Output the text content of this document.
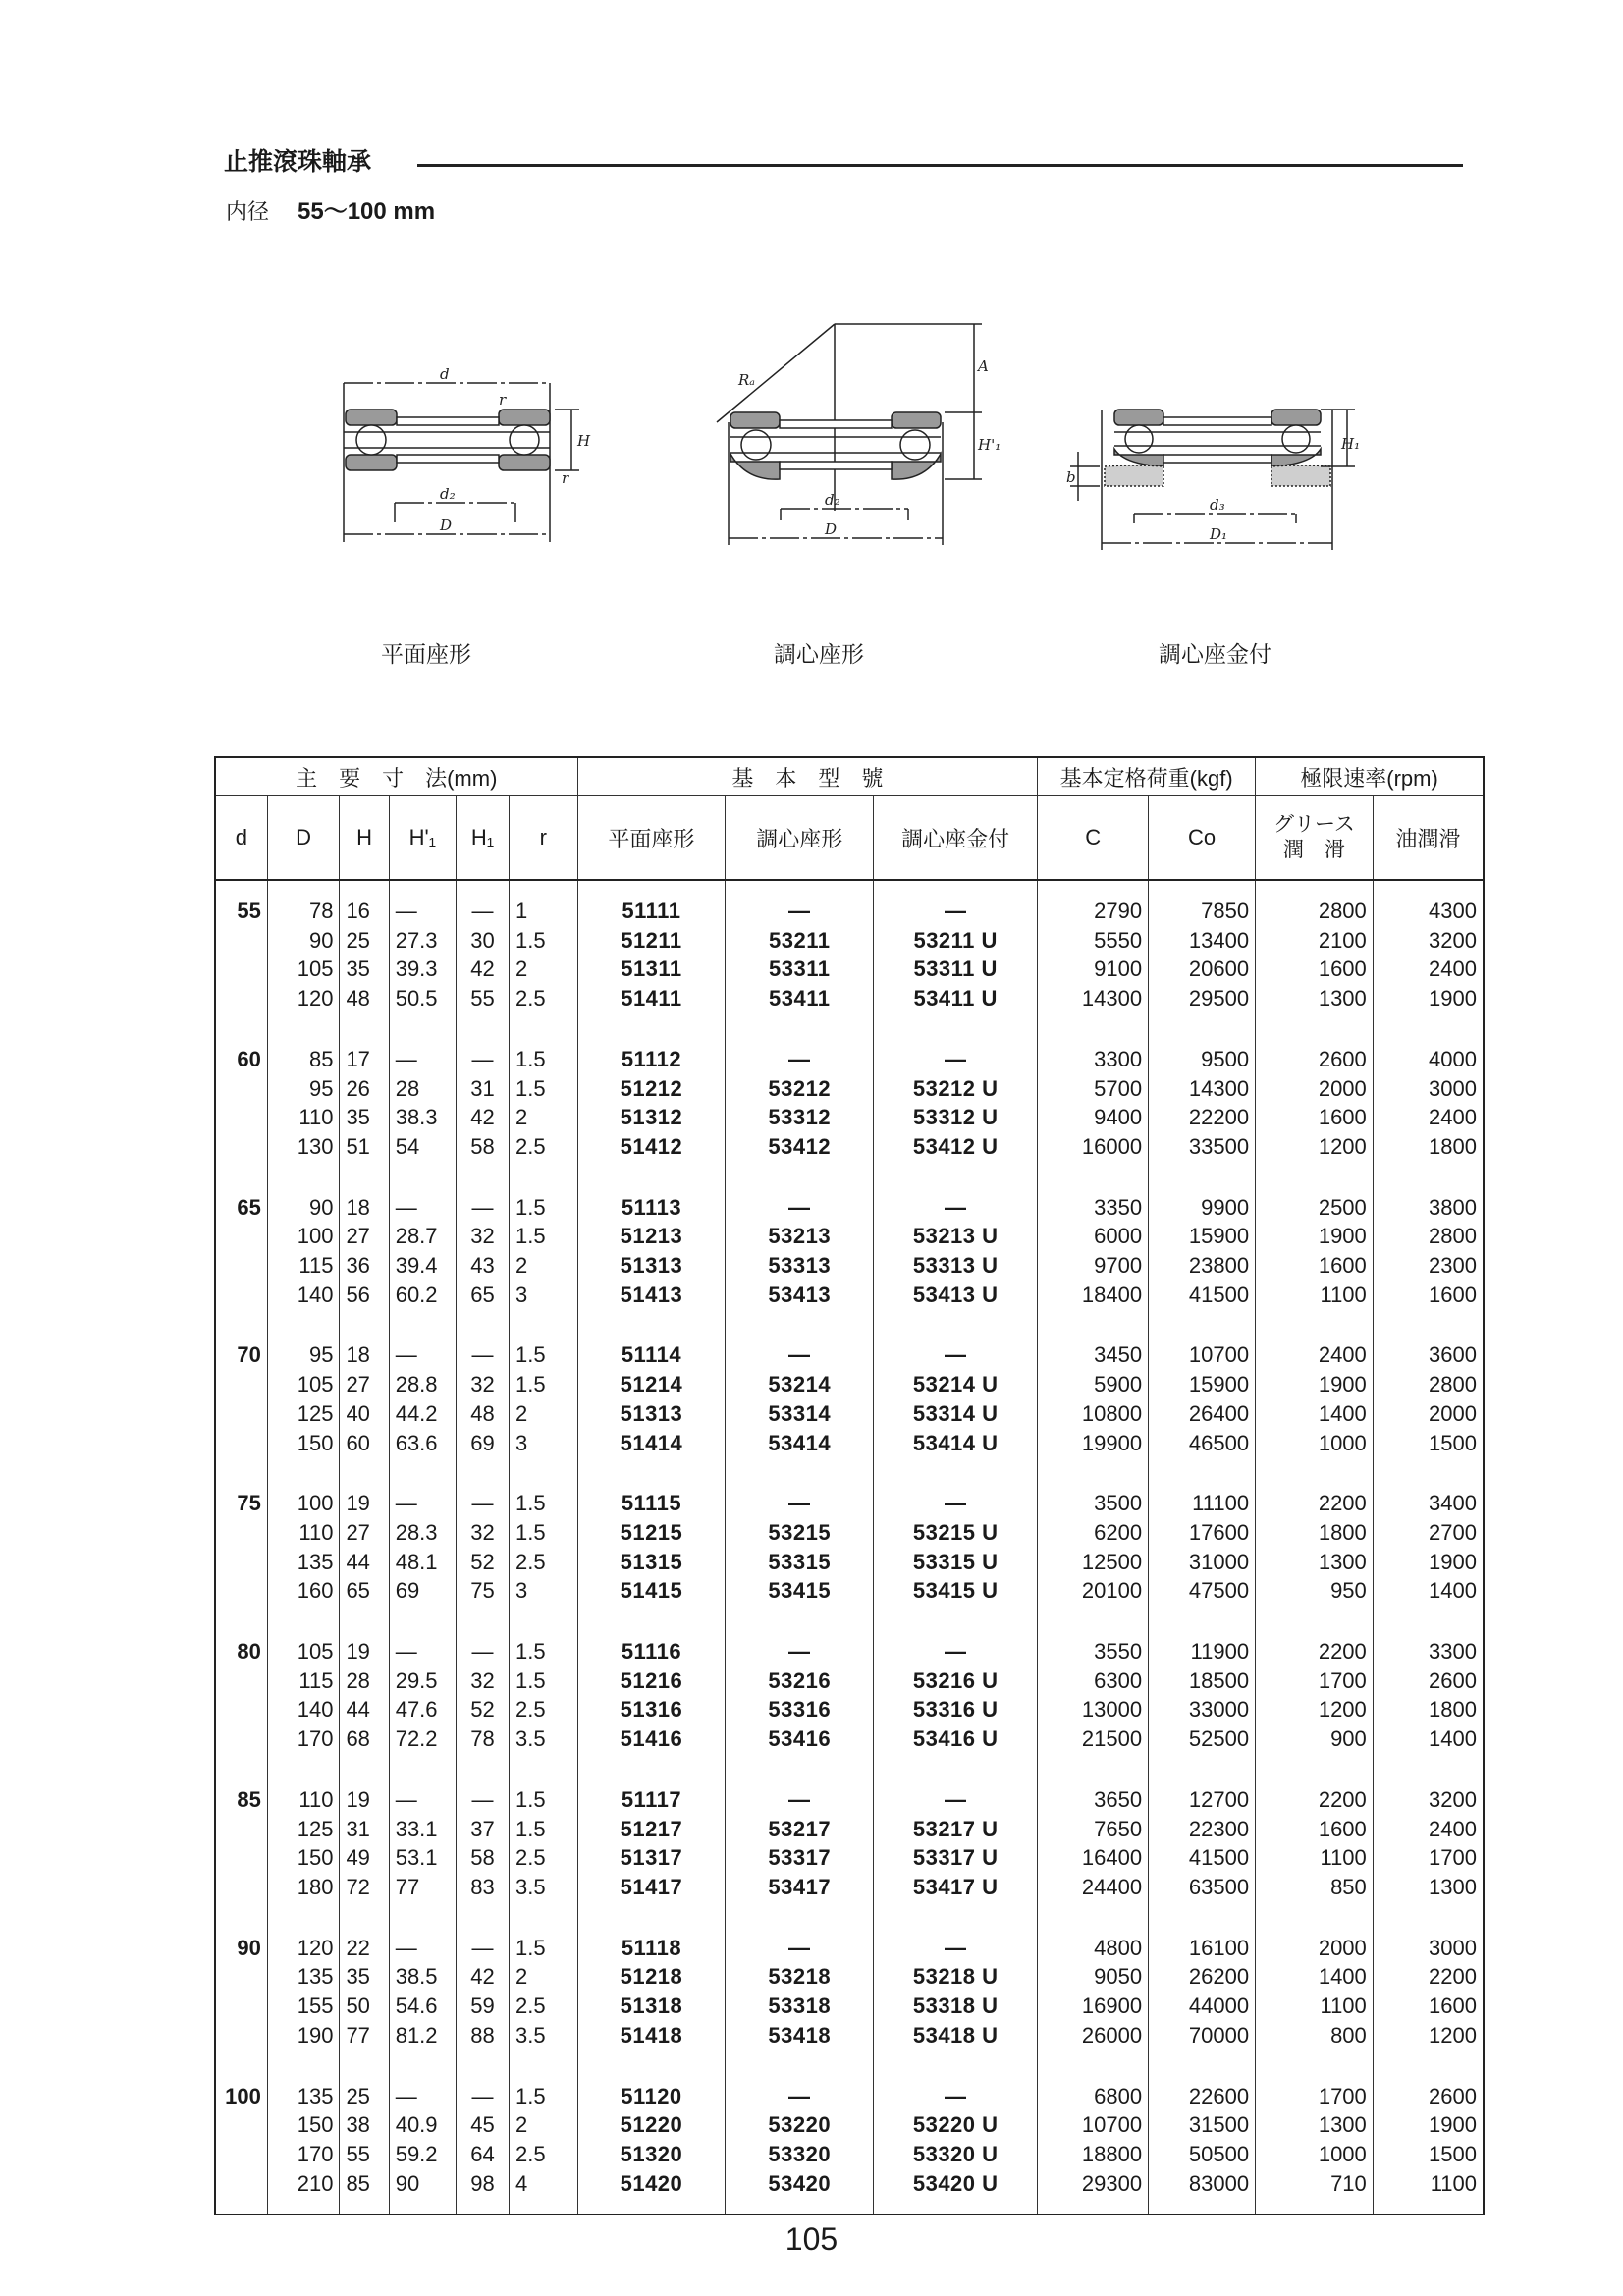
止推滾珠軸承
内径 55～100 mm
d
r
H
r
d₂
D
平面座形
Rₐ
A
H'₁
d₂
D
調心座形
H₁
b
d₃
D₁
調心座金付
主　要　寸　法(mm)						基　本　型　號			基本定格荷重(kgf)		極限速率(rpm)	
d	D	H	H'₁	H₁	r	平面座形	調心座形	調心座金付	C	Co	グリース
潤　滑	油潤滑
55	78	16	—	—	1	51111	—	—	2790	7850	2800	4300
	90	25	27.3	30	1.5	51211	53211	53211 U	5550	13400	2100	3200
	105	35	39.3	42	2	51311	53311	53311 U	9100	20600	1600	2400
	120	48	50.5	55	2.5	51411	53411	53411 U	14300	29500	1300	1900
60	85	17	—	—	1.5	51112	—	—	3300	9500	2600	4000
	95	26	28	31	1.5	51212	53212	53212 U	5700	14300	2000	3000
	110	35	38.3	42	2	51312	53312	53312 U	9400	22200	1600	2400
	130	51	54	58	2.5	51412	53412	53412 U	16000	33500	1200	1800
65	90	18	—	—	1.5	51113	—	—	3350	9900	2500	3800
	100	27	28.7	32	1.5	51213	53213	53213 U	6000	15900	1900	2800
	115	36	39.4	43	2	51313	53313	53313 U	9700	23800	1600	2300
	140	56	60.2	65	3	51413	53413	53413 U	18400	41500	1100	1600
70	95	18	—	—	1.5	51114	—	—	3450	10700	2400	3600
	105	27	28.8	32	1.5	51214	53214	53214 U	5900	15900	1900	2800
	125	40	44.2	48	2	51313	53314	53314 U	10800	26400	1400	2000
	150	60	63.6	69	3	51414	53414	53414 U	19900	46500	1000	1500
75	100	19	—	—	1.5	51115	—	—	3500	11100	2200	3400
	110	27	28.3	32	1.5	51215	53215	53215 U	6200	17600	1800	2700
	135	44	48.1	52	2.5	51315	53315	53315 U	12500	31000	1300	1900
	160	65	69	75	3	51415	53415	53415 U	20100	47500	950	1400
80	105	19	—	—	1.5	51116	—	—	3550	11900	2200	3300
	115	28	29.5	32	1.5	51216	53216	53216 U	6300	18500	1700	2600
	140	44	47.6	52	2.5	51316	53316	53316 U	13000	33000	1200	1800
	170	68	72.2	78	3.5	51416	53416	53416 U	21500	52500	900	1400
85	110	19	—	—	1.5	51117	—	—	3650	12700	2200	3200
	125	31	33.1	37	1.5	51217	53217	53217 U	7650	22300	1600	2400
	150	49	53.1	58	2.5	51317	53317	53317 U	16400	41500	1100	1700
	180	72	77	83	3.5	51417	53417	53417 U	24400	63500	850	1300
90	120	22	—	—	1.5	51118	—	—	4800	16100	2000	3000
	135	35	38.5	42	2	51218	53218	53218 U	9050	26200	1400	2200
	155	50	54.6	59	2.5	51318	53318	53318 U	16900	44000	1100	1600
	190	77	81.2	88	3.5	51418	53418	53418 U	26000	70000	800	1200
100	135	25	—	—	1.5	51120	—	—	6800	22600	1700	2600
	150	38	40.9	45	2	51220	53220	53220 U	10700	31500	1300	1900
	170	55	59.2	64	2.5	51320	53320	53320 U	18800	50500	1000	1500
	210	85	90	98	4	51420	53420	53420 U	29300	83000	710	1100
105
